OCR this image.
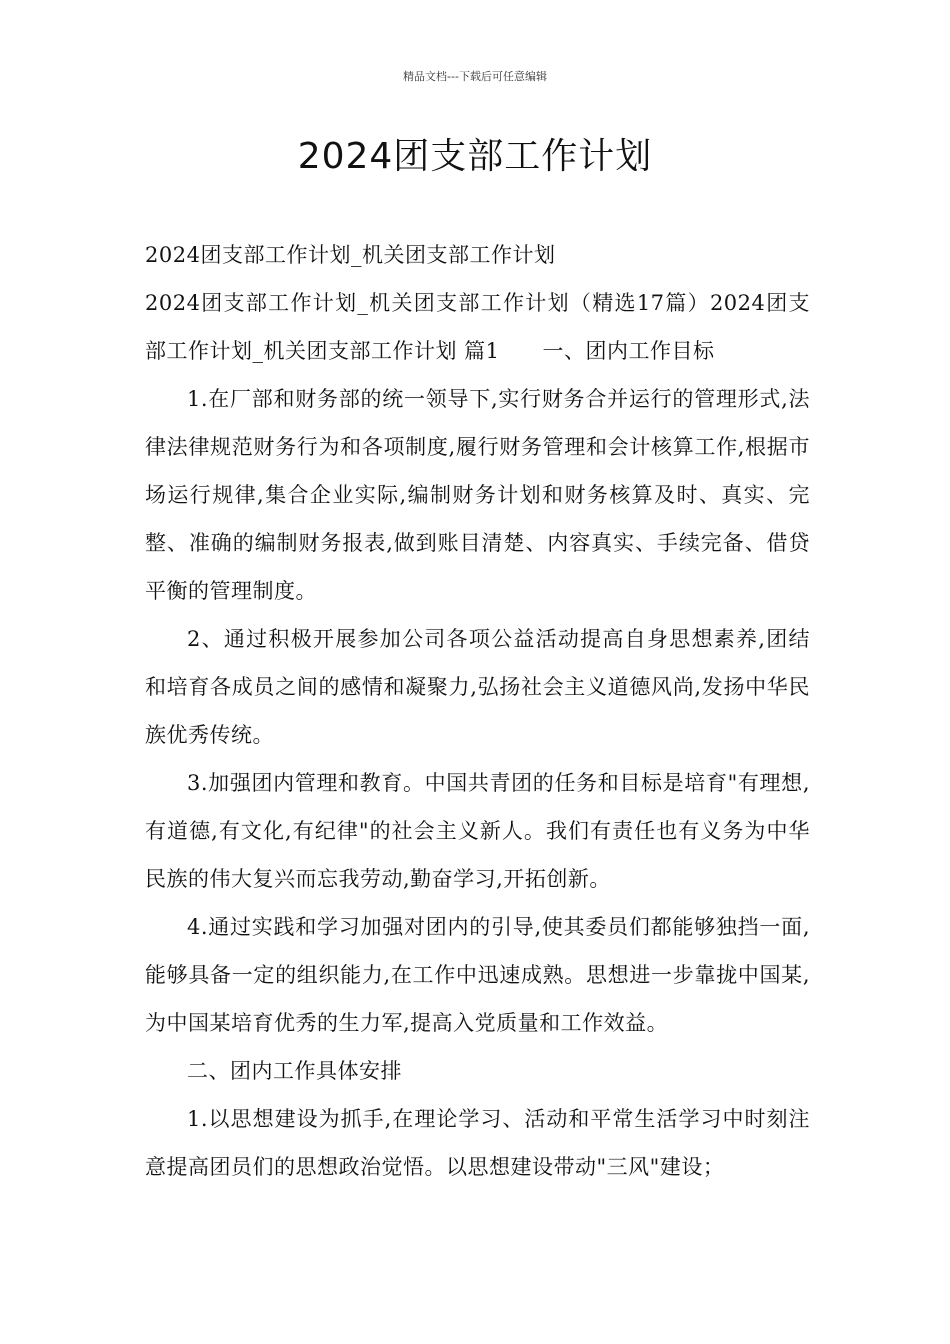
精品文档---下载后可任意编辑
2024团支部工作计划

2024团支部工作计划_机关团支部工作计划

2024团支部工作计划_机关团支部工作计划（精选17篇）2024团支部工作计划_机关团支部工作计划 篇1　　一、团内工作目标

1.在厂部和财务部的统一领导下,实行财务合并运行的管理形式,法律法律规范财务行为和各项制度,履行财务管理和会计核算工作,根据市场运行规律,集合企业实际,编制财务计划和财务核算及时、真实、完整、准确的编制财务报表,做到账目清楚、内容真实、手续完备、借贷平衡的管理制度。

2、通过积极开展参加公司各项公益活动提高自身思想素养,团结和培育各成员之间的感情和凝聚力,弘扬社会主义道德风尚,发扬中华民族优秀传统。

3.加强团内管理和教育。中国共青团的任务和目标是培育"有理想,有道德,有文化,有纪律"的社会主义新人。我们有责任也有义务为中华民族的伟大复兴而忘我劳动,勤奋学习,开拓创新。

4.通过实践和学习加强对团内的引导,使其委员们都能够独挡一面,能够具备一定的组织能力,在工作中迅速成熟。思想进一步靠拢中国某,为中国某培育优秀的生力军,提高入党质量和工作效益。

二、团内工作具体安排

1.以思想建设为抓手,在理论学习、活动和平常生活学习中时刻注意提高团员们的思想政治觉悟。以思想建设带动"三风"建设；
